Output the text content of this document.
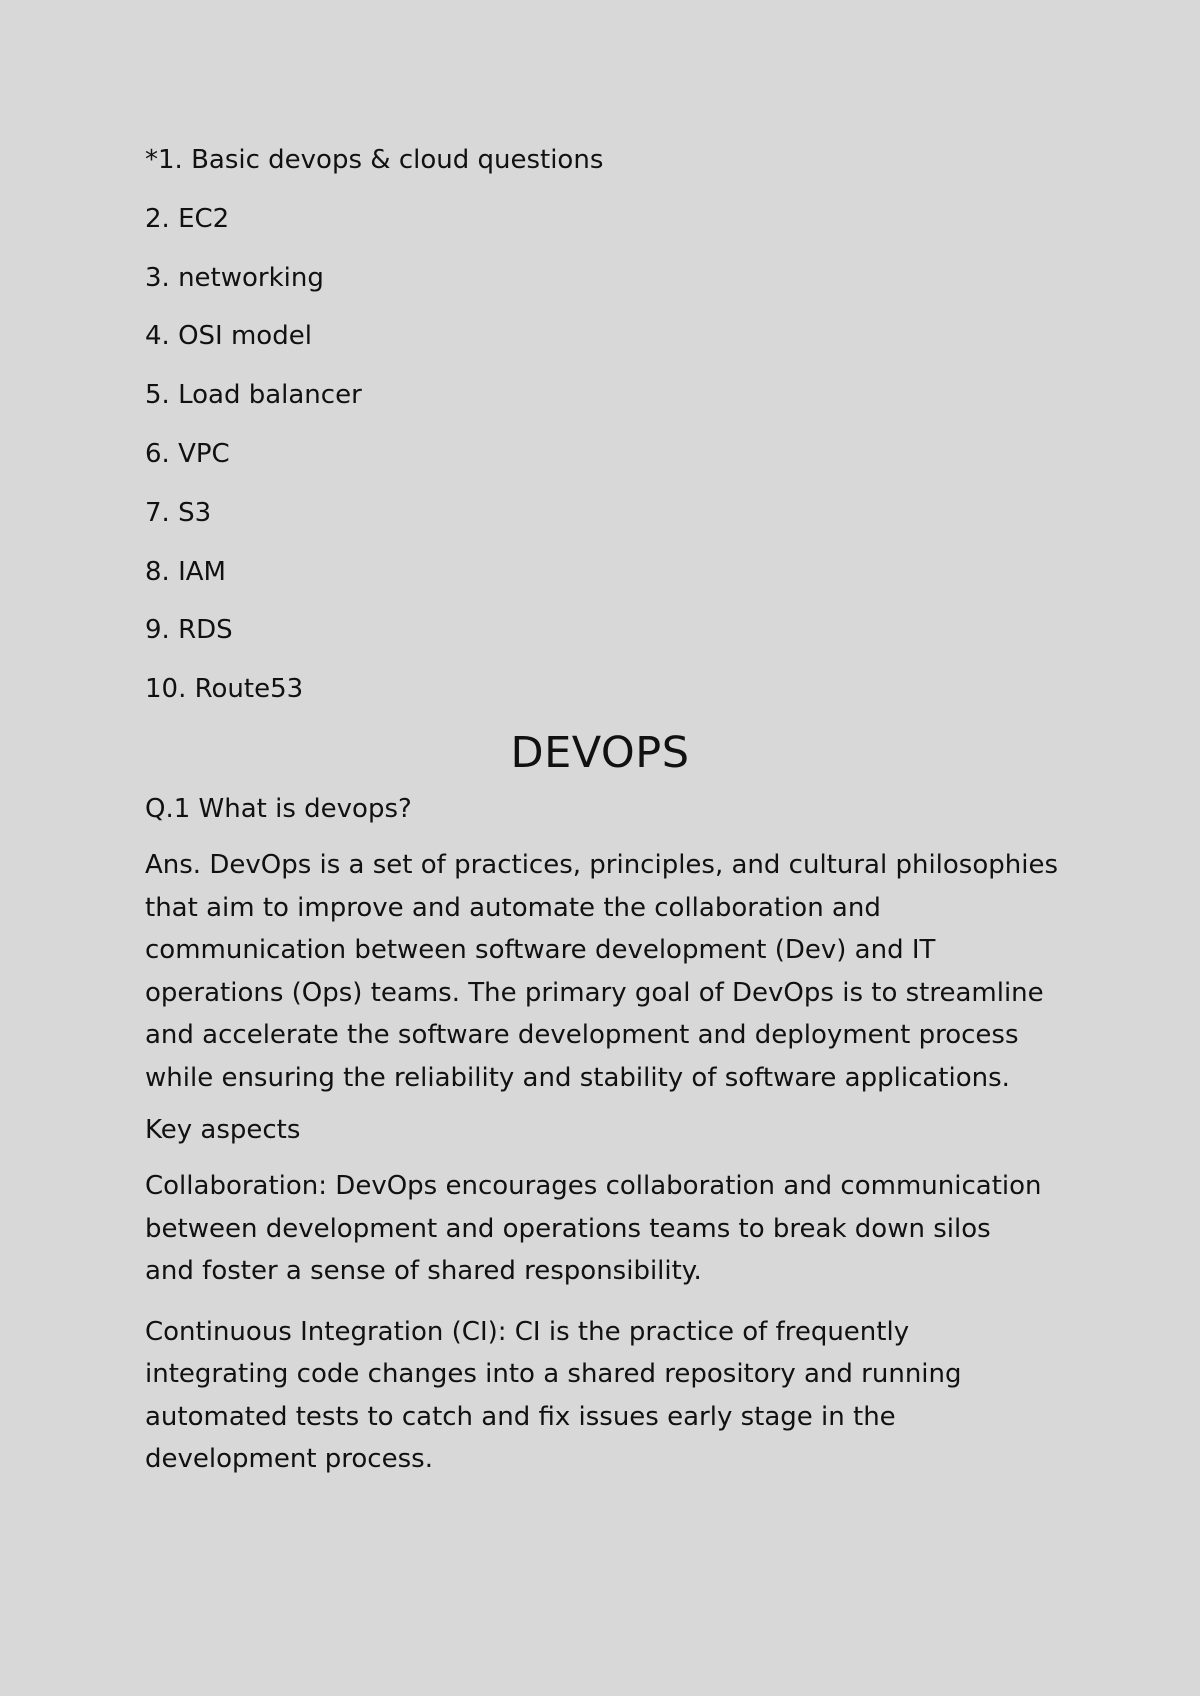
*1. Basic devops & cloud questions
2. EC2
3. networking
4. OSI model
5. Load balancer
6. VPC
7. S3
8. IAM
9. RDS
10. Route53
DEVOPS
Q.1 What is devops?

Ans. DevOps is a set of practices, principles, and cultural philosophies
that aim to improve and automate the collaboration and
communication between software development (Dev) and IT
operations (Ops) teams. The primary goal of DevOps is to streamline
and accelerate the software development and deployment process
while ensuring the reliability and stability of software applications.

Key aspects

Collaboration: DevOps encourages collaboration and communication
between development and operations teams to break down silos
and foster a sense of shared responsibility.

Continuous Integration (CI): CI is the practice of frequently
integrating code changes into a shared repository and running
automated tests to catch and fix issues early stage in the
development process.
